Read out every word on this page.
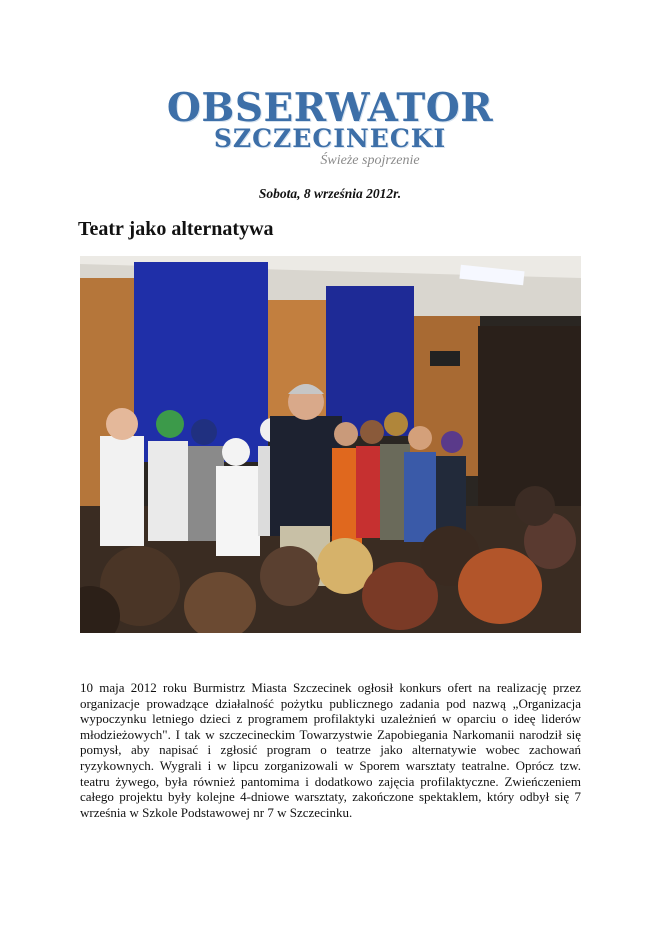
OBSERWATOR
SZCZECINECKI
Świeże spojrzenie
Sobota, 8 września 2012r.
Teatr jako alternatywa
10 maja 2012 roku Burmistrz Miasta Szczecinek ogłosił konkurs ofert na realizację przez organizacje prowadzące działalność pożytku publicznego zadania pod nazwą „Organizacja wypoczynku letniego dzieci z programem profilaktyki uzależnień w oparciu o ideę liderów młodzieżowych". I tak w szczecineckim Towarzystwie Zapobiegania Narkomanii narodził się pomysł, aby napisać i zgłosić program o teatrze jako alternatywie wobec zachowań ryzykownych. Wygrali i w lipcu zorganizowali w Sporem warsztaty teatralne. Oprócz tzw. teatru żywego, była również pantomima i dodatkowo zajęcia profilaktyczne. Zwieńczeniem całego projektu były kolejne 4-dniowe warsztaty, zakończone spektaklem, który odbył się 7 września w Szkole Podstawowej nr 7 w Szczecinku.
